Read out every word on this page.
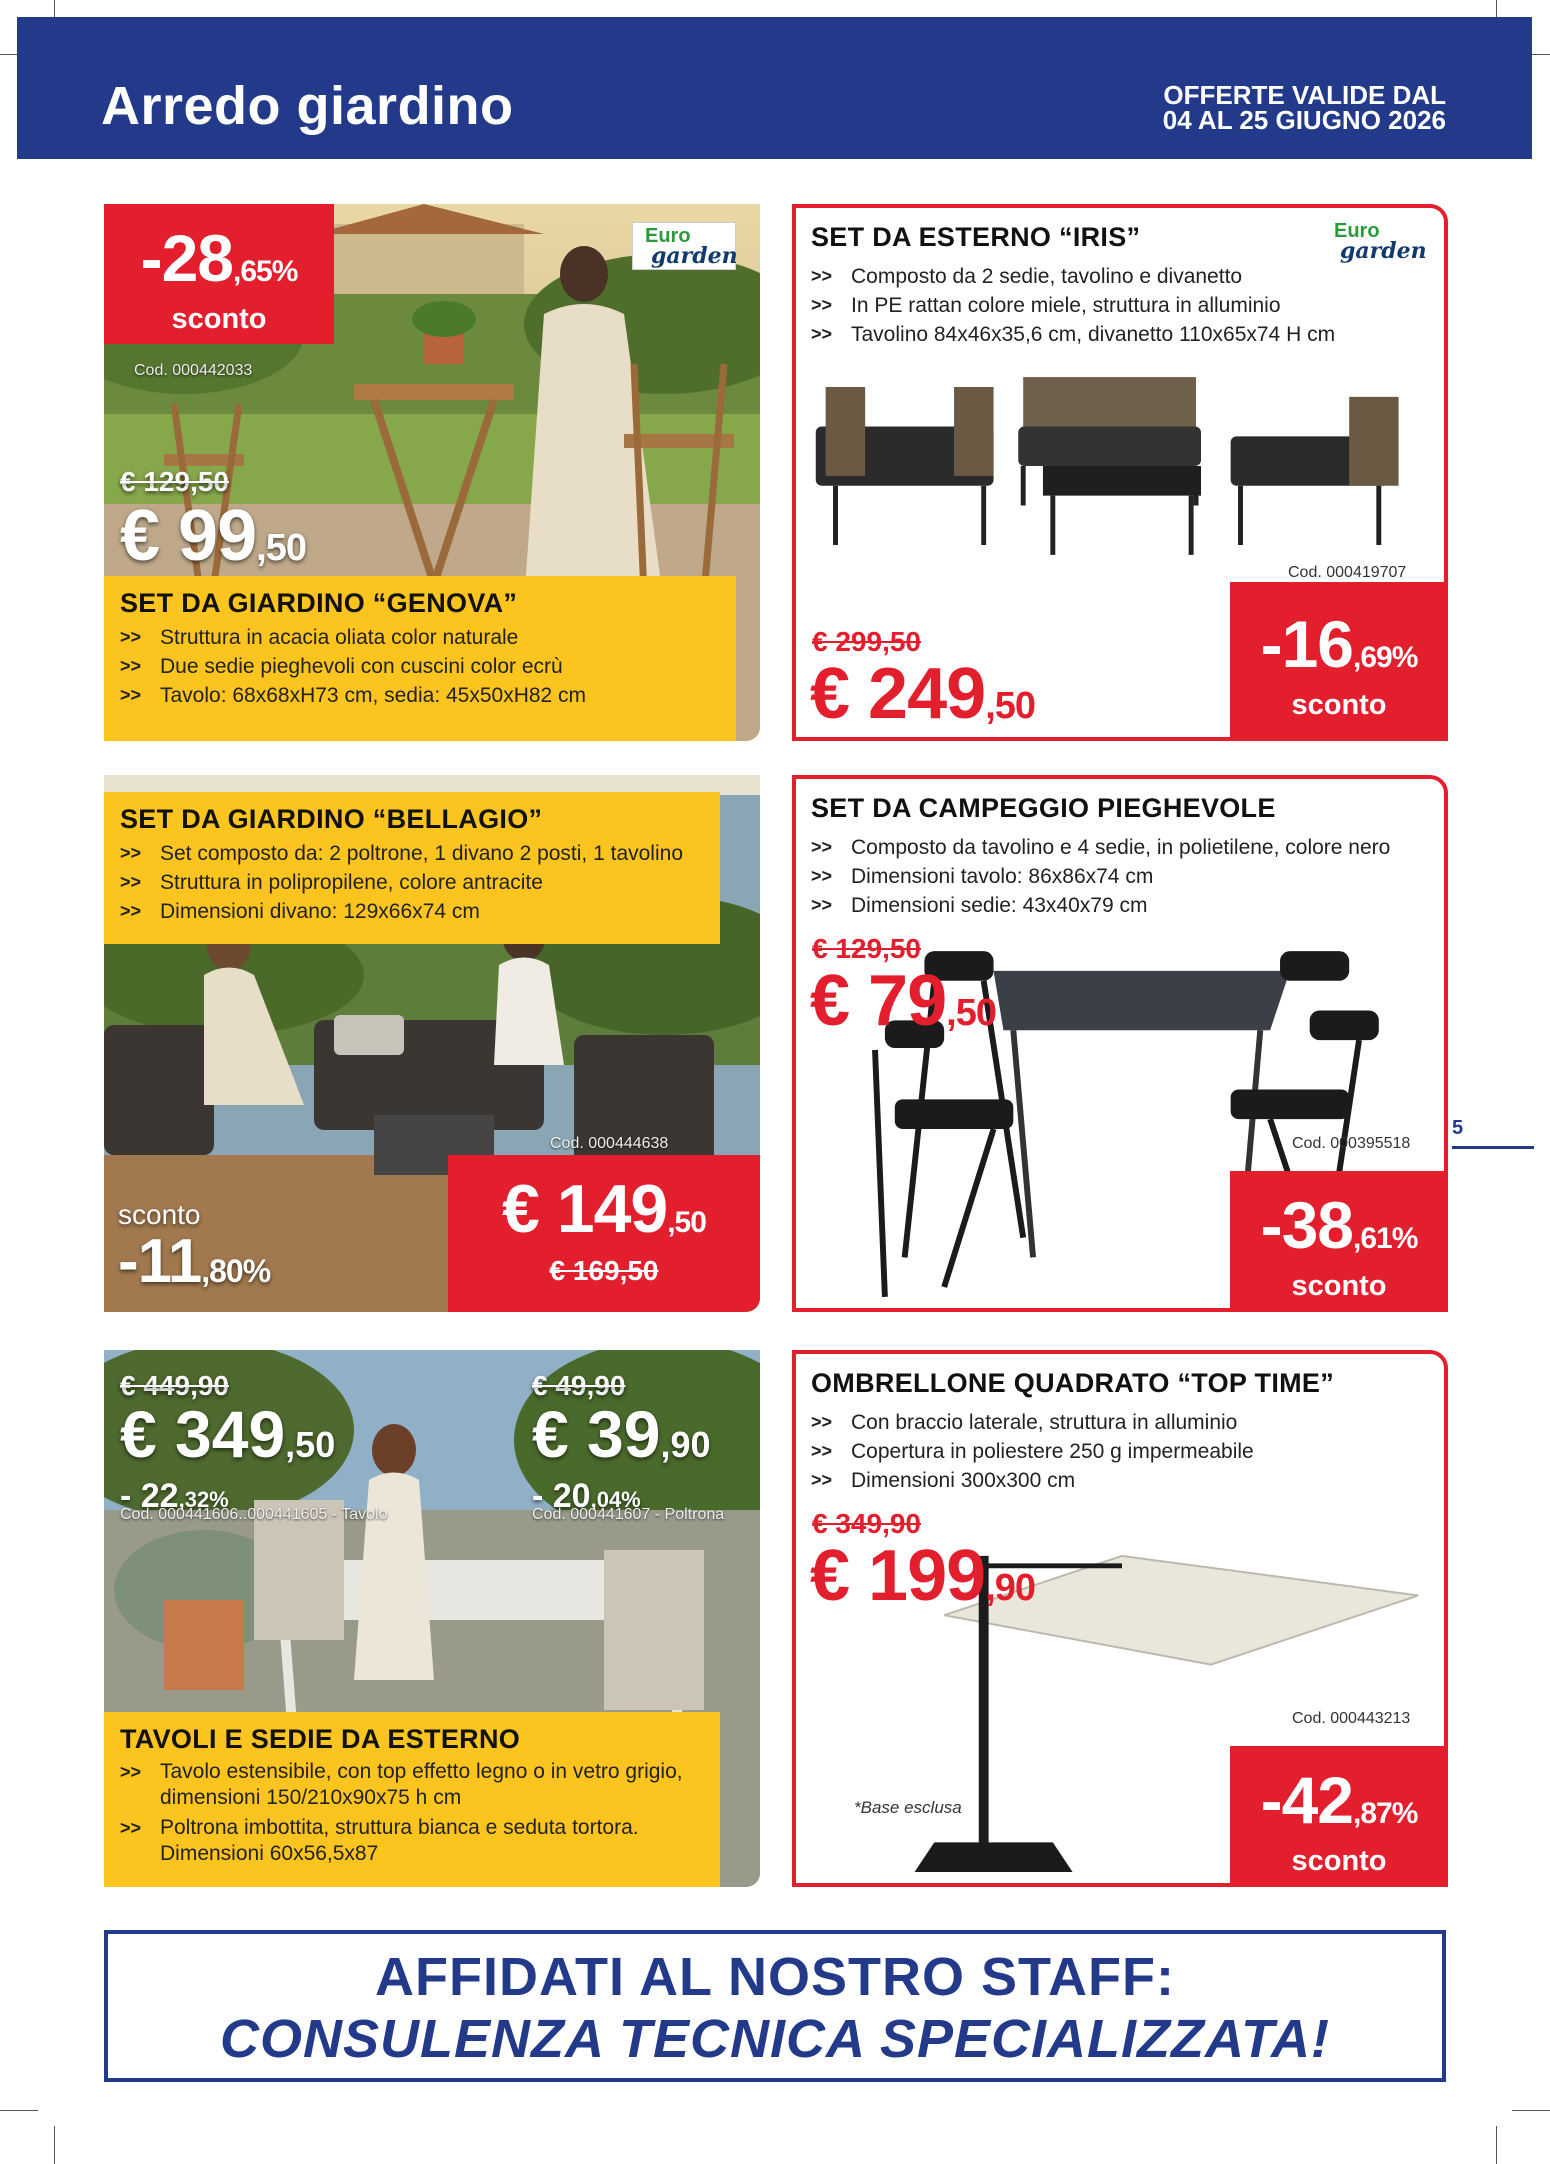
Arredo giardino	OFFERTE VALIDE DAL
04 AL 25 GIUGNO 2026
-28,65%
sconto
Euro
garden
Cod. 000442033
€ 129,50
€ 99,50
SET DA GIARDINO “GENOVA”
>> Struttura in acacia oliata color naturale
>> Due sedie pieghevoli con cuscini color ecrù
>> Tavolo: 68x68xH73 cm, sedia: 45x50xH82 cm
SET DA ESTERNO “IRIS”	Euro
garden
>> Composto da 2 sedie, tavolino e divanetto
>> In PE rattan colore miele, struttura in alluminio
>> Tavolino 84x46x35,6 cm, divanetto 110x65x74 H cm
Cod. 000419707
€ 299,50
€ 249,50
-16,69%
sconto
SET DA GIARDINO “BELLAGIO”
>> Set composto da: 2 poltrone, 1 divano 2 posti, 1 tavolino
>> Struttura in polipropilene, colore antracite
>> Dimensioni divano: 129x66x74 cm
Cod. 000444638
sconto
-11,80%
€ 149,50
€ 169,50
SET DA CAMPEGGIO PIEGHEVOLE
>> Composto da tavolino e 4 sedie, in polietilene, colore nero
>> Dimensioni tavolo: 86x86x74 cm
>> Dimensioni sedie: 43x40x79 cm
€ 129,50
€ 79,50
Cod. 000395518
-38,61%
sconto
€ 449,90
€ 349,50
- 22,32%
Cod. 000441606..000441605 - Tavolo
€ 49,90
€ 39,90
- 20,04%
Cod. 000441607 - Poltrona
TAVOLI E SEDIE DA ESTERNO
>> Tavolo estensibile, con top effetto legno o in vetro grigio, dimensioni 150/210x90x75 h cm
>> Poltrona imbottita, struttura bianca e seduta tortora. Dimensioni 60x56,5x87
OMBRELLONE QUADRATO “TOP TIME”
>> Con braccio laterale, struttura in alluminio
>> Copertura in poliestere 250 g impermeabile
>> Dimensioni 300x300 cm
€ 349,90
€ 199,90
Cod. 000443213
*Base esclusa	-42,87%
sconto
5
AFFIDATI AL NOSTRO STAFF:
CONSULENZA TECNICA SPECIALIZZATA!
